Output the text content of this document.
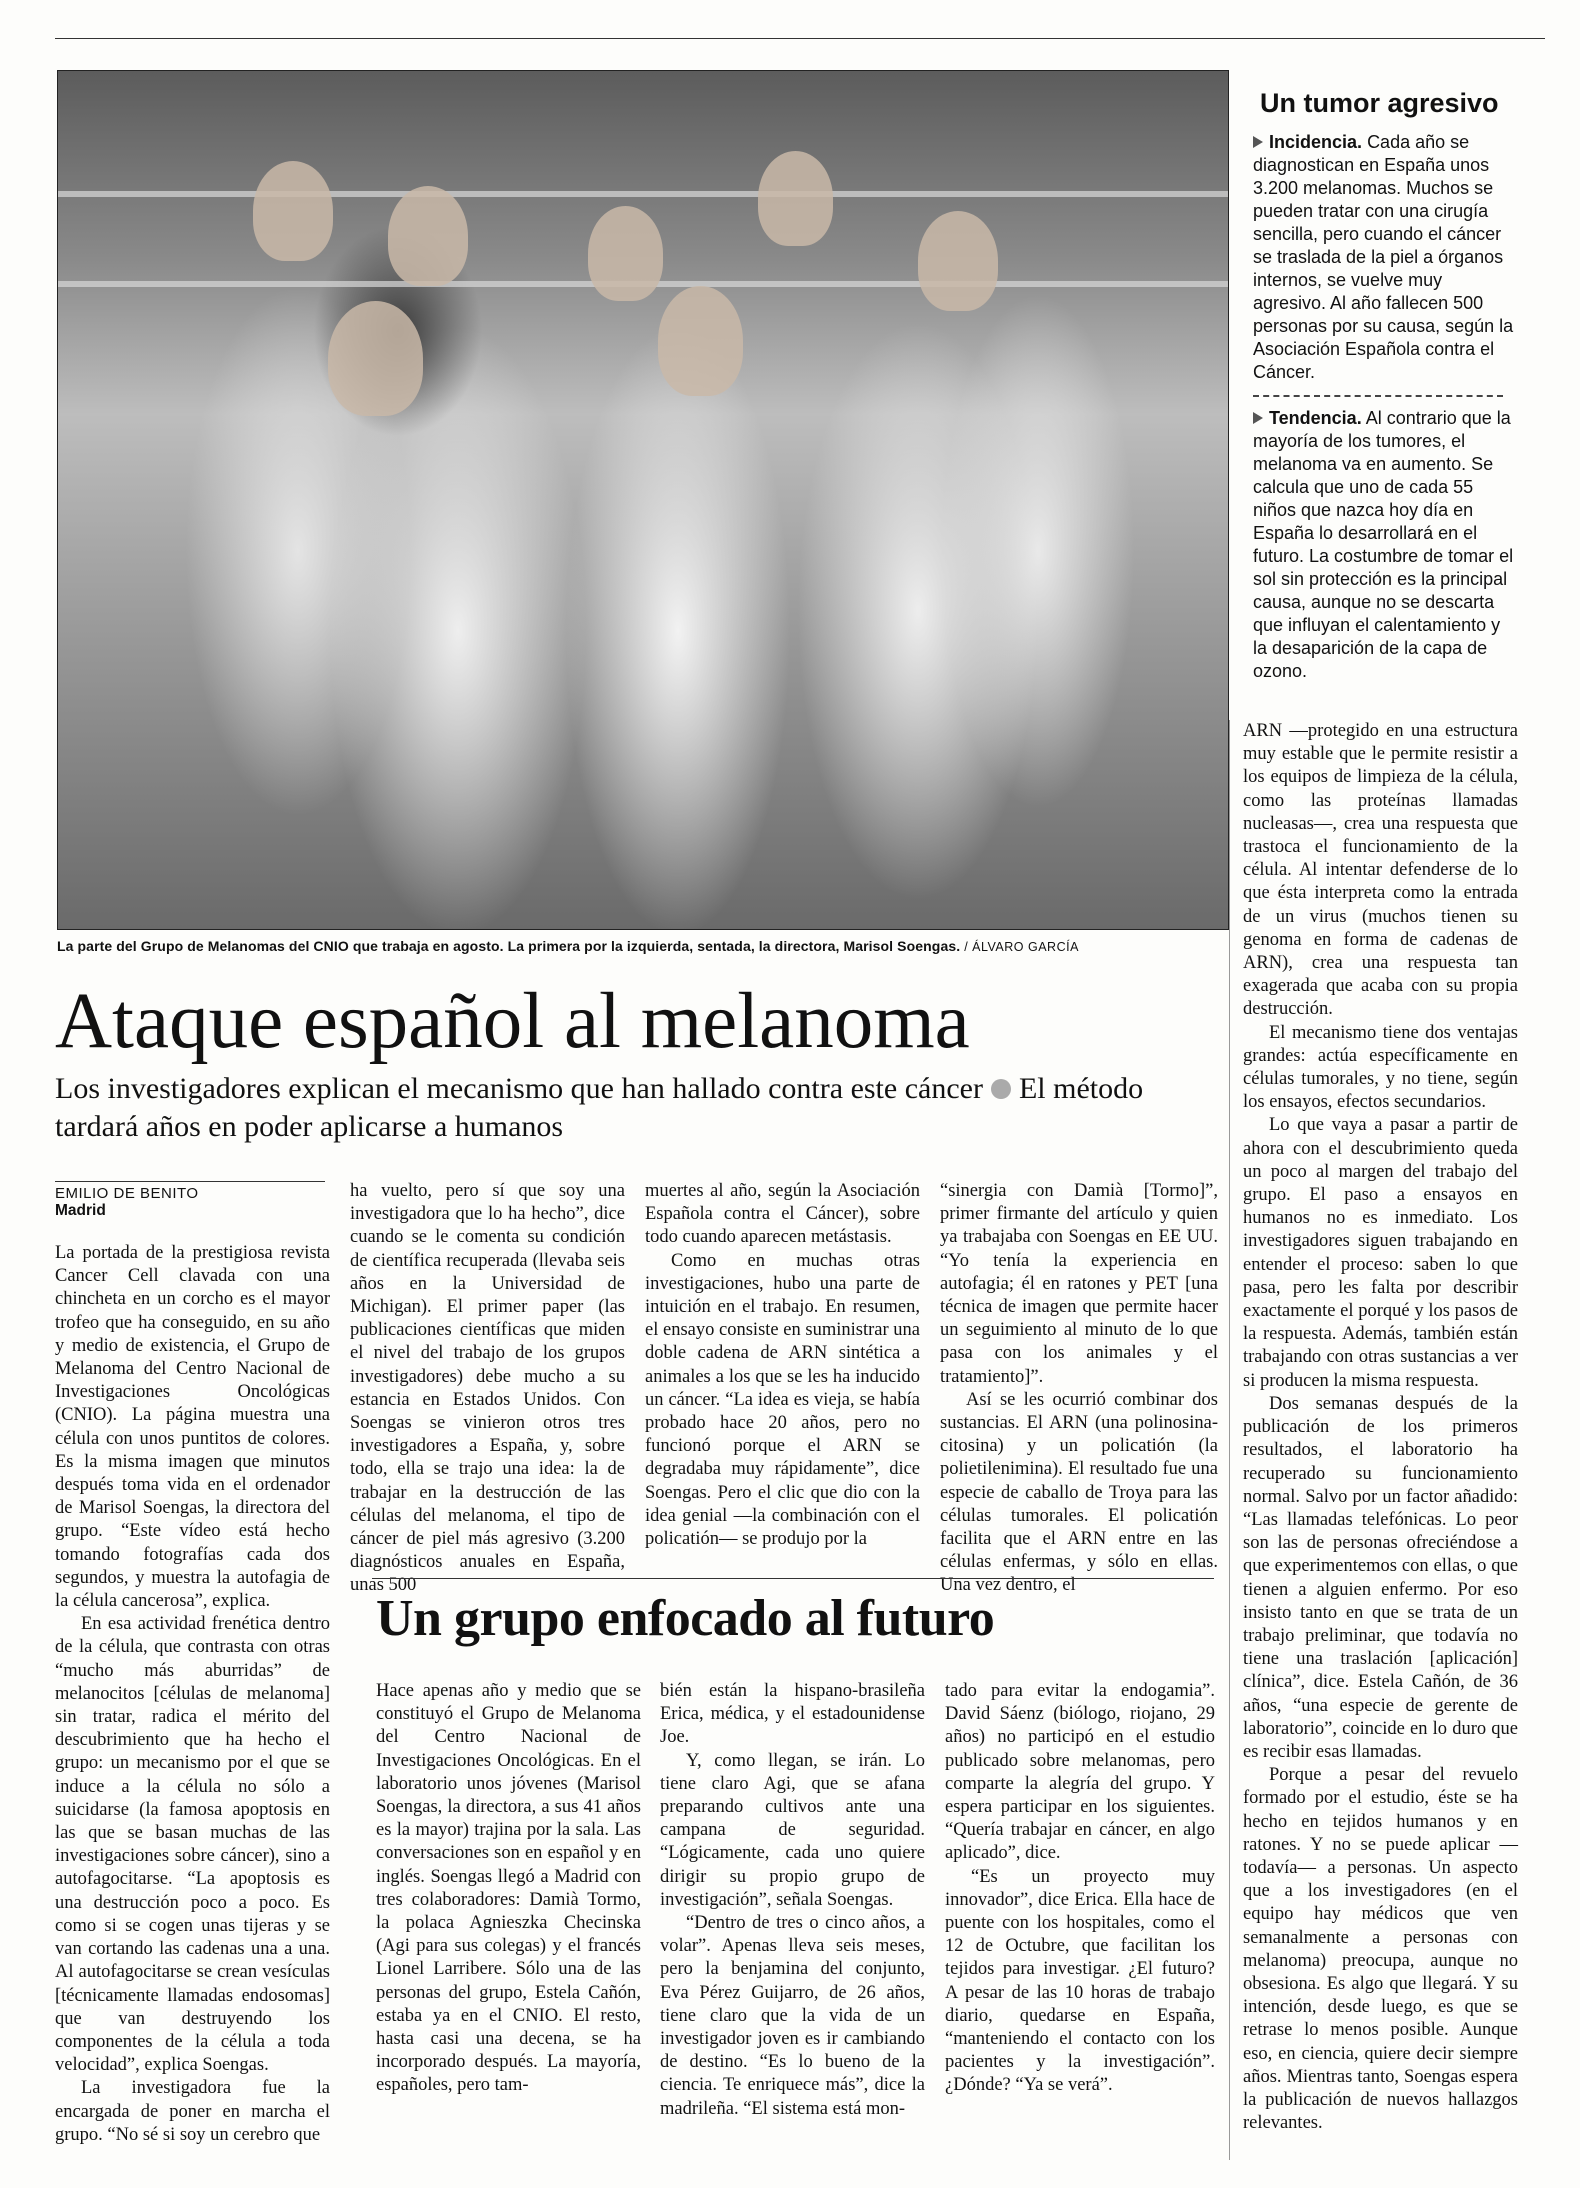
La parte del Grupo de Melanomas del CNIO que trabaja en agosto. La primera por la izquierda, sentada, la directora, Marisol Soengas. / ÁLVARO GARCÍA
Un tumor agresivo

Incidencia. Cada año se diagnostican en España unos 3.200 melanomas. Muchos se pueden tratar con una cirugía sencilla, pero cuando el cáncer se traslada de la piel a órganos internos, se vuelve muy agresivo. Al año fallecen 500 personas por su causa, según la Asociación Española contra el Cáncer.

Tendencia. Al contrario que la mayoría de los tumores, el melanoma va en aumento. Se calcula que uno de cada 55 niños que nazca hoy día en España lo desarrollará en el futuro. La costumbre de tomar el sol sin protección es la principal causa, aunque no se descarta que influyan el calentamiento y la desaparición de la capa de ozono.

Ataque español al melanoma

Los investigadores explican el mecanismo que han hallado contra este cáncer El método tardará años en poder aplicarse a humanos

EMILIO DE BENITO
Madrid

La portada de la prestigiosa revista Cancer Cell clavada con una chincheta en un corcho es el mayor trofeo que ha conseguido, en su año y medio de existencia, el Grupo de Melanoma del Centro Nacional de Investigaciones Oncológicas (CNIO). La página muestra una célula con unos puntitos de colores. Es la misma imagen que minutos después toma vida en el ordenador de Marisol Soengas, la directora del grupo. “Este vídeo está hecho tomando fotografías cada dos segundos, y muestra la autofagia de la célula cancerosa”, explica.

En esa actividad frenética dentro de la célula, que contrasta con otras “mucho más aburridas” de melanocitos [células de melanoma] sin tratar, radica el mérito del descubrimiento que ha hecho el grupo: un mecanismo por el que se induce a la célula no sólo a suicidarse (la famosa apoptosis en las que se basan muchas de las investigaciones sobre cáncer), sino a autofagocitarse. “La apoptosis es una destrucción poco a poco. Es como si se cogen unas tijeras y se van cortando las cadenas una a una. Al autofagocitarse se crean vesículas [técnicamente llamadas endosomas] que van destruyendo los componentes de la célula a toda velocidad”, explica Soengas.

La investigadora fue la encargada de poner en marcha el grupo. “No sé si soy un cerebro que

ha vuelto, pero sí que soy una investigadora que lo ha hecho”, dice cuando se le comenta su condición de científica recuperada (llevaba seis años en la Universidad de Michigan). El primer paper (las publicaciones científicas que miden el nivel del trabajo de los grupos investigadores) debe mucho a su estancia en Estados Unidos. Con Soengas se vinieron otros tres investigadores a España, y, sobre todo, ella se trajo una idea: la de trabajar en la destrucción de las células del melanoma, el tipo de cáncer de piel más agresivo (3.200 diagnósticos anuales en España, unas 500

muertes al año, según la Asociación Española contra el Cáncer), sobre todo cuando aparecen metástasis.

Como en muchas otras investigaciones, hubo una parte de intuición en el trabajo. En resumen, el ensayo consiste en suministrar una doble cadena de ARN sintética a animales a los que se les ha inducido un cáncer. “La idea es vieja, se había probado hace 20 años, pero no funcionó porque el ARN se degradaba muy rápidamente”, dice Soengas. Pero el clic que dio con la idea genial —la combinación con el policatión— se produjo por la

“sinergia con Damià [Tormo]”, primer firmante del artículo y quien ya trabajaba con Soengas en EE UU. “Yo tenía la experiencia en autofagia; él en ratones y PET [una técnica de imagen que permite hacer un seguimiento al minuto de lo que pasa con los animales y el tratamiento]”.

Así se les ocurrió combinar dos sustancias. El ARN (una polinosina-citosina) y un policatión (la polietilenimina). El resultado fue una especie de caballo de Troya para las células tumorales. El policatión facilita que el ARN entre en las células enfermas, y sólo en ellas. Una vez dentro, el

ARN —protegido en una estructura muy estable que le permite resistir a los equipos de limpieza de la célula, como las proteínas llamadas nucleasas—, crea una respuesta que trastoca el funcionamiento de la célula. Al intentar defenderse de lo que ésta interpreta como la entrada de un virus (muchos tienen su genoma en forma de cadenas de ARN), crea una respuesta tan exagerada que acaba con su propia destrucción.

El mecanismo tiene dos ventajas grandes: actúa específicamente en células tumorales, y no tiene, según los ensayos, efectos secundarios.

Lo que vaya a pasar a partir de ahora con el descubrimiento queda un poco al margen del trabajo del grupo. El paso a ensayos en humanos no es inmediato. Los investigadores siguen trabajando en entender el proceso: saben lo que pasa, pero les falta por describir exactamente el porqué y los pasos de la respuesta. Además, también están trabajando con otras sustancias a ver si producen la misma respuesta.

Dos semanas después de la publicación de los primeros resultados, el laboratorio ha recuperado su funcionamiento normal. Salvo por un factor añadido: “Las llamadas telefónicas. Lo peor son las de personas ofreciéndose a que experimentemos con ellas, o que tienen a alguien enfermo. Por eso insisto tanto en que se trata de un trabajo preliminar, que todavía no tiene una traslación [aplicación] clínica”, dice. Estela Cañón, de 36 años, “una especie de gerente de laboratorio”, coincide en lo duro que es recibir esas llamadas.

Porque a pesar del revuelo formado por el estudio, éste se ha hecho en tejidos humanos y en ratones. Y no se puede aplicar —todavía— a personas. Un aspecto que a los investigadores (en el equipo hay médicos que ven semanalmente a personas con melanoma) preocupa, aunque no obsesiona. Es algo que llegará. Y su intención, desde luego, es que se retrase lo menos posible. Aunque eso, en ciencia, quiere decir siempre años. Mientras tanto, Soengas espera la publicación de nuevos hallazgos relevantes.

Un grupo enfocado al futuro

Hace apenas año y medio que se constituyó el Grupo de Melanoma del Centro Nacional de Investigaciones Oncológicas. En el laboratorio unos jóvenes (Marisol Soengas, la directora, a sus 41 años es la mayor) trajina por la sala. Las conversaciones son en español y en inglés. Soengas llegó a Madrid con tres colaboradores: Damià Tormo, la polaca Agnieszka Checinska (Agi para sus colegas) y el francés Lionel Larribere. Sólo una de las personas del grupo, Estela Cañón, estaba ya en el CNIO. El resto, hasta casi una decena, se ha incorporado después. La mayoría, españoles, pero tam-

bién están la hispano-brasileña Erica, médica, y el estadounidense Joe.

Y, como llegan, se irán. Lo tiene claro Agi, que se afana preparando cultivos ante una campana de seguridad. “Lógicamente, cada uno quiere dirigir su propio grupo de investigación”, señala Soengas.

“Dentro de tres o cinco años, a volar”. Apenas lleva seis meses, pero la benjamina del conjunto, Eva Pérez Guijarro, de 26 años, tiene claro que la vida de un investigador joven es ir cambiando de destino. “Es lo bueno de la ciencia. Te enriquece más”, dice la madrileña. “El sistema está mon-

tado para evitar la endogamia”. David Sáenz (biólogo, riojano, 29 años) no participó en el estudio publicado sobre melanomas, pero comparte la alegría del grupo. Y espera participar en los siguientes. “Quería trabajar en cáncer, en algo aplicado”, dice.

“Es un proyecto muy innovador”, dice Erica. Ella hace de puente con los hospitales, como el 12 de Octubre, que facilitan los tejidos para investigar. ¿El futuro? A pesar de las 10 horas de trabajo diario, quedarse en España, “manteniendo el contacto con los pacientes y la investigación”. ¿Dónde? “Ya se verá”.
